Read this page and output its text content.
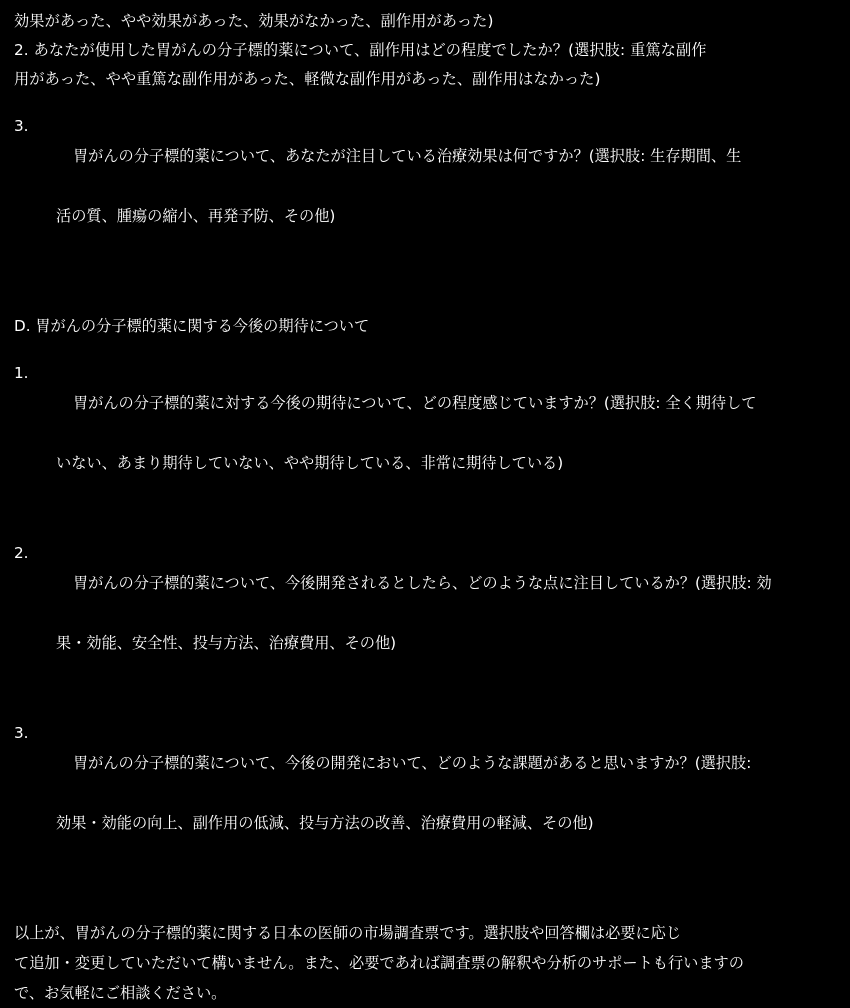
効果があった、やや効果があった、効果がなかった、副作用があった)
2. あなたが使用した胃がんの分子標的薬について、副作用はどの程度でしたか？(選択肢: 重篤な副作
用があった、やや重篤な副作用があった、軽微な副作用があった、副作用はなかった)
3.

胃がんの分子標的薬について、あなたが注目している治療効果は何ですか？(選択肢: 生存期間、生

活の質、腫瘍の縮小、再発予防、その他)

D. 胃がんの分子標的薬に関する今後の期待について
1.

胃がんの分子標的薬に対する今後の期待について、どの程度感じていますか？(選択肢: 全く期待して

いない、あまり期待していない、やや期待している、非常に期待している)

2.

胃がんの分子標的薬について、今後開発されるとしたら、どのような点に注目しているか？(選択肢: 効

果・効能、安全性、投与方法、治療費用、その他)

3.

胃がんの分子標的薬について、今後の開発において、どのような課題があると思いますか？(選択肢:

効果・効能の向上、副作用の低減、投与方法の改善、治療費用の軽減、その他)

以上が、胃がんの分子標的薬に関する日本の医師の市場調査票です。選択肢や回答欄は必要に応じ
て追加・変更していただいて構いません。また、必要であれば調査票の解釈や分析のサポートも行いますの
で、お気軽にご相談ください。
